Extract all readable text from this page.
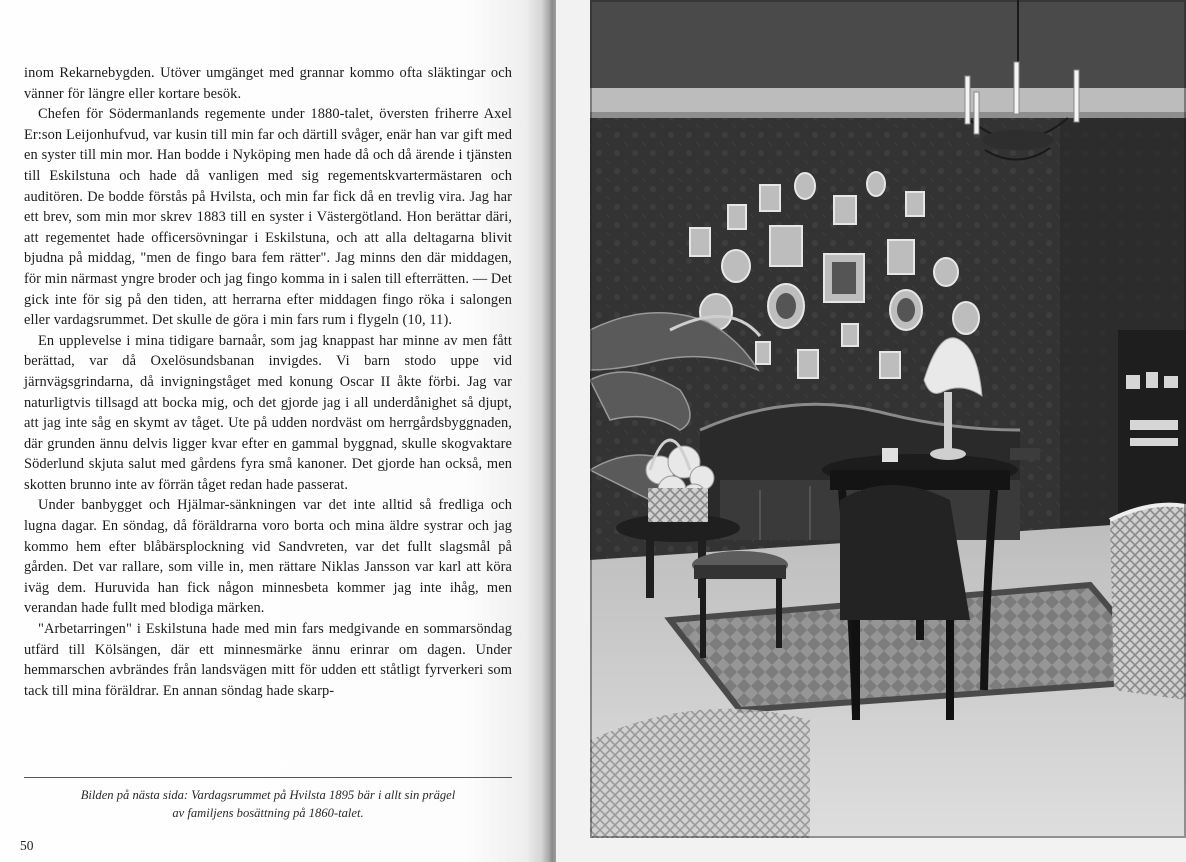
inom Rekarnebygden. Utöver umgänget med grannar kommo ofta släktingar och vänner för längre eller kortare besök.

Chefen för Södermanlands regemente under 1880-talet, översten friherre Axel Er:son Leijonhufvud, var kusin till min far och därtill svåger, enär han var gift med en syster till min mor. Han bodde i Nyköping men hade då och då ärende i tjänsten till Eskilstuna och hade då vanligen med sig regementskvartermästaren och auditören. De bodde förstås på Hvilsta, och min far fick då en trevlig vira. Jag har ett brev, som min mor skrev 1883 till en syster i Västergötland. Hon berättar däri, att regementet hade officersövningar i Eskilstuna, och att alla deltagarna blivit bjudna på middag, "men de fingo bara fem rätter". Jag minns den där middagen, för min närmast yngre broder och jag fingo komma in i salen till efterrätten. — Det gick inte för sig på den tiden, att herrarna efter middagen fingo röka i salongen eller vardagsrummet. Det skulle de göra i min fars rum i flygeln (10, 11).

En upplevelse i mina tidigare barnaår, som jag knappast har minne av men fått berättad, var då Oxelösundsbanan invigdes. Vi barn stodo uppe vid järnvägsgrindarna, då invigningståget med konung Oscar II åkte förbi. Jag var naturligtvis tillsagd att bocka mig, och det gjorde jag i all underdånighet så djupt, att jag inte såg en skymt av tåget. Ute på udden nordväst om herrgårdsbyggnaden, där grunden ännu delvis ligger kvar efter en gammal byggnad, skulle skogvaktare Söderlund skjuta salut med gårdens fyra små kanoner. Det gjorde han också, men skotten brunno inte av förrän tåget redan hade passerat.

Under banbygget och Hjälmar-sänkningen var det inte alltid så fredliga och lugna dagar. En söndag, då föräldrarna voro borta och mina äldre systrar och jag kommo hem efter blåbärsplockning vid Sandvreten, var det fullt slagsmål på gården. Det var rallare, som ville in, men rättare Niklas Jansson var karl att köra iväg dem. Huruvida han fick någon minnesbeta kommer jag inte ihåg, men verandan hade fullt med blodiga märken.

"Arbetarringen" i Eskilstuna hade med min fars medgivande en sommarsöndag utfärd till Kölsängen, där ett minnesmärke ännu erinrar om dagen. Under hemmarschen avbrändes från landsvägen mitt för udden ett ståtligt fyrverkeri som tack till mina föräldrar. En annan söndag hade skarp-

Bilden på nästa sida: Vardagsrummet på Hvilsta 1895 bär i allt sin prägel
av familjens bosättning på 1860-talet.
50
